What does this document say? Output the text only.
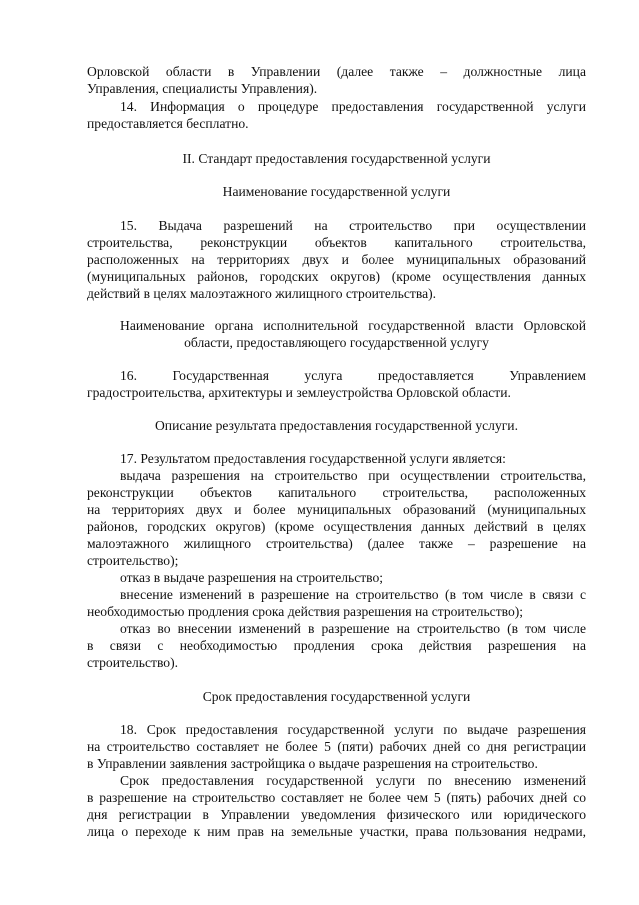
Орловской области в Управлении (далее также – должностные лица
Управления, специалисты Управления).
14. Информация о процедуре предоставления государственной услуги
предоставляется бесплатно.
II. Стандарт предоставления государственной услуги
Наименование государственной услуги
15. Выдача разрешений на строительство при осуществлении
строительства, реконструкции объектов капитального строительства,
расположенных на территориях двух и более муниципальных образований
(муниципальных районов, городских округов) (кроме осуществления данных
действий в целях малоэтажного жилищного строительства).
Наименование органа исполнительной государственной власти Орловской
области, предоставляющего государственной услугу
16. Государственная услуга предоставляется Управлением
градостроительства, архитектуры и землеустройства Орловской области.
Описание результата предоставления государственной услуги.
17. Результатом предоставления государственной услуги является:
выдача разрешения на строительство при осуществлении строительства,
реконструкции объектов капитального строительства, расположенных
на территориях двух и более муниципальных образований (муниципальных
районов, городских округов) (кроме осуществления данных действий в целях
малоэтажного жилищного строительства) (далее также – разрешение на
строительство);
отказ в выдаче разрешения на строительство;
внесение изменений в разрешение на строительство (в том числе в связи с
необходимостью продления срока действия разрешения на строительство);
отказ во внесении изменений в разрешение на строительство (в том числе
в связи с необходимостью продления срока действия разрешения на
строительство).
Срок предоставления государственной услуги
18. Срок предоставления государственной услуги по выдаче разрешения
на строительство составляет не более 5 (пяти) рабочих дней со дня регистрации
в Управлении заявления застройщика о выдаче разрешения на строительство.
Срок предоставления государственной услуги по внесению изменений
в разрешение на строительство составляет не более чем 5 (пять) рабочих дней со
дня регистрации в Управлении уведомления физического или юридического
лица о переходе к ним прав на земельные участки, права пользования недрами,
